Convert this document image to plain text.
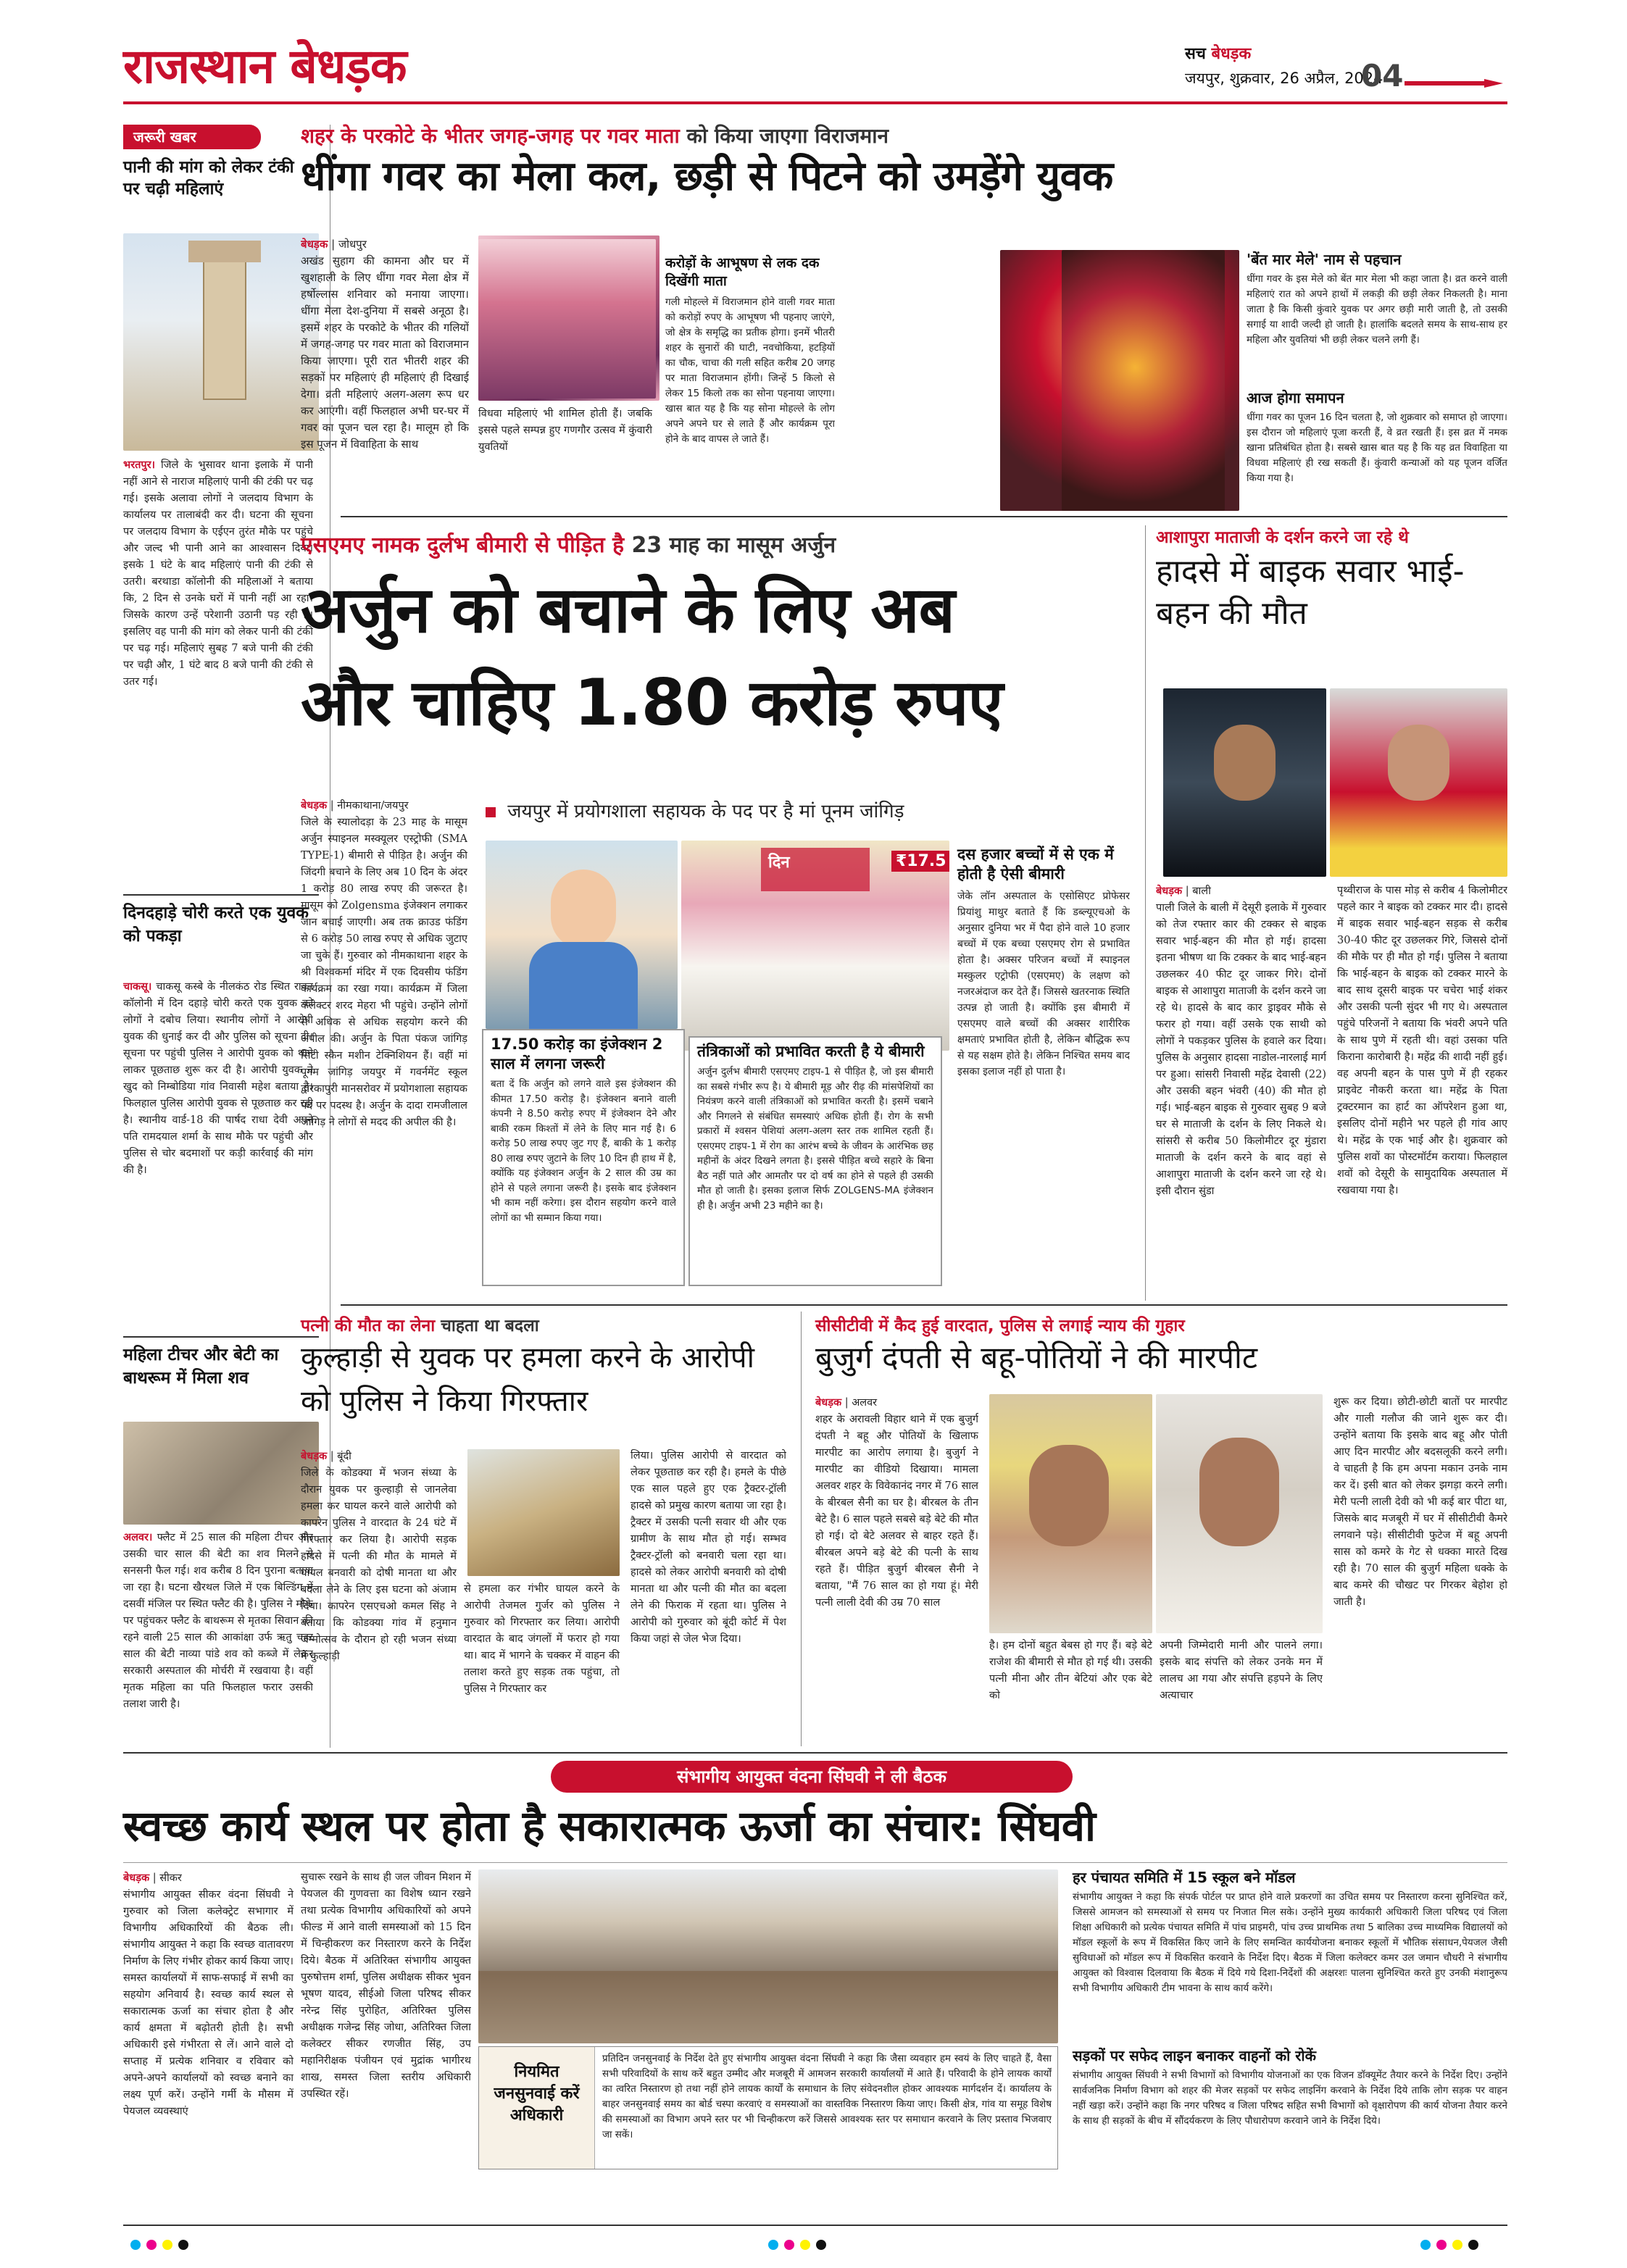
राजस्थान बेधड़क	सच बेधड़क
जयपुर, शुक्रवार, 26 अप्रैल, 2024
04
जरूरी खबर
पानी की मांग को लेकर टंकी पर चढ़ी महिलाएं
भरतपुर। जिले के भुसावर थाना इलाके में पानी नहीं आने से नाराज महिलाएं पानी की टंकी पर चढ़ गई। इसके अलावा लोगों ने जलदाय विभाग के कार्यालय पर तालाबंदी कर दी। घटना की सूचना पर जलदाय विभाग के एईएन तुरंत मौके पर पहुंचे और जल्द भी पानी आने का आश्वासन दिया। इसके 1 घंटे के बाद महिलाएं पानी की टंकी से उतरी। बरथाडा कॉलोनी की महिलाओं ने बताया कि, 2 दिन से उनके घरों में पानी नहीं आ रहा। जिसके कारण उन्हें परेशानी उठानी पड़ रही है। इसलिए वह पानी की मांग को लेकर पानी की टंकी पर चढ़ गई। महिलाएं सुबह 7 बजे पानी की टंकी पर चढ़ी और, 1 घंटे बाद 8 बजे पानी की टंकी से उतर गई।
दिनदहाड़े चोरी करते एक युवक को पकड़ा
चाकसू। चाकसू कस्बे के नीलकंठ रोड स्थित रावत कॉलोनी में दिन दहाड़े चोरी करते एक युवक को लोगों ने दबोच लिया। स्थानीय लोगों ने आरोपी युवक की धुनाई कर दी और पुलिस को सूचना दी। सूचना पर पहुंची पुलिस ने आरोपी युवक को थाने लाकर पूछताछ शुरू कर दी है। आरोपी युवक ने खुद को निम्बोडिया गांव निवासी महेश बताया है। फिलहाल पुलिस आरोपी युवक से पूछताछ कर रही है। स्थानीय वार्ड-18 की पार्षद राधा देवी अपने पति रामदयाल शर्मा के साथ मौके पर पहुंची और पुलिस से चोर बदमाशों पर कड़ी कार्रवाई की मांग की है।
महिला टीचर और बेटी का बाथरूम में मिला शव
अलवर। फ्लैट में 25 साल की महिला टीचर और उसकी चार साल की बेटी का शव मिलने से सनसनी फैल गई। शव करीब 8 दिन पुराना बताया जा रहा है। घटना खैरथल जिले में एक बिल्डिंग में दसवीं मंजिल पर स्थित फ्लैट की है। पुलिस ने मौके पर पहुंचकर फ्लैट के बाथरूम से मृतका सिवान की रहने वाली 25 साल की आकांक्षा उर्फ ऋतु चहर साल की बेटी नाव्या पांडे शव को कब्जे में लेकर सरकारी अस्पताल की मोर्चरी में रखवाया है। वहीं मृतक महिला का पति फिलहाल फरार उसकी तलाश जारी है।
शहर के परकोटे के भीतर जगह-जगह पर गवर माता को किया जाएगा विराजमान
धींगा गवर का मेला कल, छड़ी से पिटने को उमड़ेंगे युवक
बेधड़क | जोधपुर
अखंड सुहाग की कामना और घर में खुशहाली के लिए धींगा गवर मेला क्षेत्र में हर्षोल्लास शनिवार को मनाया जाएगा। धींगा मेला देश-दुनिया में सबसे अनूठा है। इसमें शहर के परकोटे के भीतर की गलियों में जगह-जगह पर गवर माता को विराजमान किया जाएगा। पूरी रात भीतरी शहर की सड़कों पर महिलाएं ही महिलाएं ही दिखाई देगा। व्रती महिलाएं अलग-अलग रूप धर कर आएंगी। वहीं फिलहाल अभी घर-घर में गवर का पूजन चल रहा है। मालूम हो कि इस पूजन में विवाहिता के साथ
करोड़ों के आभूषण से लक दक दिखेंगी माता
गली मोहल्ले में विराजमान होने वाली गवर माता को करोड़ों रुपए के आभूषण भी पहनाए जाएंगे, जो क्षेत्र के समृद्धि का प्रतीक होगा। इनमें भीतरी शहर के सुनारों की घाटी, नवचोकिया, हटड़ियों का चौक, चाचा की गली सहित करीब 20 जगह पर माता विराजमान होंगी। जिन्हें 5 किलो से लेकर 15 किलो तक का सोना पहनाया जाएगा। खास बात यह है कि यह सोना मोहल्ले के लोग अपने अपने घर से लाते हैं और कार्यक्रम पूरा होने के बाद वापस ले जाते हैं।
विधवा महिलाएं भी शामिल होती हैं। जबकि इससे पहले सम्पन्न हुए गणगौर उत्सव में कुंवारी युवतियों
'बेंत मार मेले' नाम से पहचान
धींगा गवर के इस मेले को बेंत मार मेला भी कहा जाता है। व्रत करने वाली महिलाएं रात को अपने हाथों में लकड़ी की छड़ी लेकर निकलती है। माना जाता है कि किसी कुंवारे युवक पर अगर छड़ी मारी जाती है, तो उसकी सगाई या शादी जल्दी हो जाती है। हालांकि बदलते समय के साथ-साथ हर महिला और युवतियां भी छड़ी लेकर चलने लगी हैं।
आज होगा समापन
धींगा गवर का पूजन 16 दिन चलता है, जो शुक्रवार को समाप्त हो जाएगा। इस दौरान जो महिलाएं पूजा करती हैं, वे व्रत रखती हैं। इस व्रत में नमक खाना प्रतिबंधित होता है। सबसे खास बात यह है कि यह व्रत विवाहिता या विधवा महिलाएं ही रख सकती हैं। कुंवारी कन्याओं को यह पूजन वर्जित किया गया है।
एसएमए नामक दुर्लभ बीमारी से पीड़ित है 23 माह का मासूम अर्जुन
अर्जुन को बचाने के लिए अब
और चाहिए 1.80 करोड़ रुपए
बेधड़क | नीमकाथाना/जयपुर
जिले के स्यालोदड़ा के 23 माह के मासूम अर्जुन स्पाइनल मस्क्यूलर एस्ट्रोफी (SMA TYPE-1) बीमारी से पीड़ित है। अर्जुन की जिंदगी बचाने के लिए अब 10 दिन के अंदर 1 करोड़ 80 लाख रुपए की जरूरत है। मासूम को Zolgensma इंजेक्शन लगाकर जान बचाई जाएगी। अब तक क्राउड फंडिंग से 6 करोड़ 50 लाख रुपए से अधिक जुटाए जा चुके हैं। गुरुवार को नीमकाथाना शहर के श्री विश्वकर्मा मंदिर में एक दिवसीय फंडिंग कार्यक्रम का रखा गया। कार्यक्रम में जिला कलेक्टर शरद मेहरा भी पहुंचे। उन्होंने लोगों से अधिक से अधिक सहयोग करने की अपील की। अर्जुन के पिता पंकज जांगिड़ सिटी स्कैन मशीन टेक्निशियन हैं। वहीं मां पूनम जांगिड़ जयपुर में गवर्नमेंट स्कूल द्वारकापुरी मानसरोवर में प्रयोगशाला सहायक पद पर पदस्थ है। अर्जुन के दादा रामजीलाल जांगिड़ ने लोगों से मदद की अपील की है।
जयपुर में प्रयोगशाला सहायक के पद पर है मां पूनम जांगिड़
दिन	₹17.5
17.50 करोड़ का इंजेक्शन 2 साल में लगना जरूरी
बता दें कि अर्जुन को लगने वाले इस इंजेक्शन की कीमत 17.50 करोड़ है। इंजेक्शन बनाने वाली कंपनी ने 8.50 करोड़ रुपए में इंजेक्शन देने और बाकी रकम किश्तों में लेने के लिए मान गई है। 6 करोड़ 50 लाख रुपए जुट गए हैं, बाकी के 1 करोड़ 80 लाख रुपए जुटाने के लिए 10 दिन ही हाथ में है, क्योंकि यह इंजेक्शन अर्जुन के 2 साल की उम्र का होने से पहले लगाना जरूरी है। इसके बाद इंजेक्शन भी काम नहीं करेगा। इस दौरान सहयोग करने वाले लोगों का भी सम्मान किया गया।
तंत्रिकाओं को प्रभावित करती है ये बीमारी
अर्जुन दुर्लभ बीमारी एसएमए टाइप-1 से पीड़ित है, जो इस बीमारी का सबसे गंभीर रूप है। ये बीमारी मूड़ और रीढ़ की मांसपेशियों का नियंत्रण करने वाली तंत्रिकाओं को प्रभावित करती है। इसमें चबाने और निगलने से संबंधित समस्याएं अधिक होती हैं। रोग के सभी प्रकारों में श्वसन पेशियां अलग-अलग स्तर तक शामिल रहती हैं। एसएमए टाइप-1 में रोग का आरंभ बच्चे के जीवन के आरंभिक छह महीनों के अंदर दिखने लगता है। इससे पीड़ित बच्चे सहारे के बिना बैठ नहीं पाते और आमतौर पर दो वर्ष का होने से पहले ही उसकी मौत हो जाती है। इसका इलाज सिर्फ ZOLGENS-MA इंजेक्शन ही है। अर्जुन अभी 23 महीने का है।
दस हजार बच्चों में से एक में होती है ऐसी बीमारी
जेके लॉन अस्पताल के एसोसिएट प्रोफेसर प्रियांशु माथुर बताते हैं कि डब्ल्यूएचओ के अनुसार दुनिया भर में पैदा होने वाले 10 हजार बच्चों में एक बच्चा एसएमए रोग से प्रभावित होता है। अक्सर परिजन बच्चों में स्पाइनल मस्कुलर एट्रोफी (एसएमए) के लक्षण को नजरअंदाज कर देते हैं। जिससे खतरनाक स्थिति उत्पन्न हो जाती है। क्योंकि इस बीमारी में एसएमए वाले बच्चों की अक्सर शारीरिक क्षमताएं प्रभावित होती है, लेकिन बौद्धिक रूप से यह सक्षम होते है। लेकिन निश्चित समय बाद इसका इलाज नहीं हो पाता है।
आशापुरा माताजी के दर्शन करने जा रहे थे
हादसे में बाइक सवार भाई-बहन की मौत
बेधड़क | बाली
पाली जिले के बाली में देसूरी इलाके में गुरुवार को तेज रफ्तार कार की टक्कर से बाइक सवार भाई-बहन की मौत हो गई। हादसा इतना भीषण था कि टक्कर के बाद भाई-बहन उछलकर 40 फीट दूर जाकर गिरे। दोनों बाइक से आशापुरा माताजी के दर्शन करने जा रहे थे। हादसे के बाद कार ड्राइवर मौके से फरार हो गया। वहीं उसके एक साथी को लोगों ने पकड़कर पुलिस के हवाले कर दिया। पुलिस के अनुसार हादसा नाडोल-नारलाई मार्ग पर हुआ। सांसरी निवासी महेंद्र देवासी (22) और उसकी बहन भंवरी (40) की मौत हो गई। भाई-बहन बाइक से गुरुवार सुबह 9 बजे घर से माताजी के दर्शन के लिए निकले थे। सांसरी से करीब 50 किलोमीटर दूर मुंडारा माताजी के दर्शन करने के बाद वहां से आशापुरा माताजी के दर्शन करने जा रहे थे। इसी दौरान सुंडा
पृथ्वीराज के पास मोड़ से करीब 4 किलोमीटर पहले कार ने बाइक को टक्कर मार दी। हादसे में बाइक सवार भाई-बहन सड़क से करीब 30-40 फीट दूर उछलकर गिरे, जिससे दोनों की मौके पर ही मौत हो गई। पुलिस ने बताया कि भाई-बहन के बाइक को टक्कर मारने के बाद साथ दूसरी बाइक पर चचेरा भाई शंकर और उसकी पत्नी सुंदर भी गए थे। अस्पताल पहुंचे परिजनों ने बताया कि भंवरी अपने पति के साथ पुणे में रहती थी। वहां उसका पति किराना कारोबारी है। महेंद्र की शादी नहीं हुई। वह अपनी बहन के पास पुणे में ही रहकर प्राइवेट नौकरी करता था। महेंद्र के पिता ट्रक्टरमान का हार्ट का ऑपरेशन हुआ था, इसलिए दोनों महीने भर पहले ही गांव आए थे। महेंद्र के एक भाई और है। शुक्रवार को पुलिस शवों का पोस्टमॉर्टम कराया। फिलहाल शवों को देसूरी के सामुदायिक अस्पताल में रखवाया गया है।
पत्नी की मौत का लेना चाहता था बदला
कुल्हाड़ी से युवक पर हमला करने के आरोपी को पुलिस ने किया गिरफ्तार
बेधड़क | बूंदी
जिले के कोडक्या में भजन संध्या के दौरान युवक पर कुल्हाड़ी से जानलेवा हमला कर घायल करने वाले आरोपी को कापरेन पुलिस ने वारदात के 24 घंटे में गिरफ्तार कर लिया है। आरोपी सड़क हादसे में पत्नी की मौत के मामले में घायल बनवारी को दोषी मानता था और बदला लेने के लिए इस घटना को अंजाम दिया। कापरेन एसएचओ कमल सिंह ने बताया कि कोडक्या गांव में हनुमान जन्मोत्सव के दौरान हो रही भजन संध्या में कुल्हाड़ी
लिया। पुलिस आरोपी से वारदात को लेकर पूछताछ कर रही है। हमले के पीछे एक साल पहले हुए एक ट्रैक्टर-ट्रॉली हादसे को प्रमुख कारण बताया जा रहा है। ट्रैक्टर में उसकी पत्नी सवार थी और एक ग्रामीण के साथ मौत हो गई। सम्भव ट्रैक्टर-ट्रॉली को बनवारी चला रहा था। हादसे को लेकर आरोपी बनवारी को दोषी मानता था और पत्नी की मौत का बदला लेने की फिराक में रहता था। पुलिस ने आरोपी को गुरुवार को बूंदी कोर्ट में पेश किया जहां से जेल भेज दिया।
से हमला कर गंभीर घायल करने के आरोपी तेजमल गुर्जर को पुलिस ने गुरुवार को गिरफ्तार कर लिया। आरोपी वारदात के बाद जंगलों में फरार हो गया था। बाद में भागने के चक्कर में वाहन की तलाश करते हुए सड़क तक पहुंचा, तो पुलिस ने गिरफ्तार कर
सीसीटीवी में कैद हुई वारदात, पुलिस से लगाई न्याय की गुहार
बुजुर्ग दंपती से बहू-पोतियों ने की मारपीट
बेधड़क | अलवर
शहर के अरावली विहार थाने में एक बुजुर्ग दंपती ने बहू और पोतियों के खिलाफ मारपीट का आरोप लगाया है। बुजुर्ग ने मारपीट का वीडियो दिखाया। मामला अलवर शहर के विवेकानंद नगर में 76 साल के बीरबल सैनी का घर है। बीरबल के तीन बेटे है। 6 साल पहले सबसे बड़े बेटे की मौत हो गई। दो बेटे अलवर से बाहर रहते हैं। बीरबल अपने बड़े बेटे की पत्नी के साथ रहते हैं। पीड़ित बुजुर्ग बीरबल सैनी ने बताया, "मैं 76 साल का हो गया हूं। मेरी पत्नी लाली देवी की उम्र 70 साल
है। हम दोनों बहुत बेबस हो गए हैं। बड़े बेटे राजेश की बीमारी से मौत हो गई थी। उसकी पत्नी मीना और तीन बेटियां और एक बेटे को
अपनी जिम्मेदारी मानी और पालने लगा। इसके बाद संपत्ति को लेकर उनके मन में लालच आ गया और संपत्ति हड़पने के लिए अत्याचार
शुरू कर दिया। छोटी-छोटी बातों पर मारपीट और गाली गलौज की जाने शुरू कर दी। उन्होंने बताया कि इसके बाद बहू और पोती आए दिन मारपीट और बदसलूकी करने लगी। वे चाहती है कि हम अपना मकान उनके नाम कर दें। इसी बात को लेकर झगड़ा करने लगी। मेरी पत्नी लाली देवी को भी कई बार पीटा था, जिसके बाद मजबूरी में घर में सीसीटीवी कैमरे लगवाने पड़े। सीसीटीवी फुटेज में बहू अपनी सास को कमरे के गेट से धक्का मारते दिख रही है। 70 साल की बुजुर्ग महिला धक्के के बाद कमरे की चौखट पर गिरकर बेहोश हो जाती है।
संभागीय आयुक्त वंदना सिंघवी ने ली बैठक
स्वच्छ कार्य स्थल पर होता है सकारात्मक ऊर्जा का संचार: सिंघवी
बेधड़क | सीकर
संभागीय आयुक्त सीकर वंदना सिंघवी ने गुरुवार को जिला कलेक्ट्रेट सभागार में विभागीय अधिकारियों की बैठक ली। संभागीय आयुक्त ने कहा कि स्वच्छ वातावरण निर्माण के लिए गंभीर होकर कार्य किया जाए। समस्त कार्यालयों में साफ-सफाई में सभी का सहयोग अनिवार्य है। स्वच्छ कार्य स्थल से सकारात्मक ऊर्जा का संचार होता है और कार्य क्षमता में बढ़ोतरी होती है। सभी अधिकारी इसे गंभीरता से लें। आने वाले दो सप्ताह में प्रत्येक शनिवार व रविवार को अपने-अपने कार्यालयों को स्वच्छ बनाने का लक्ष्य पूर्ण करें। उन्होंने गर्मी के मौसम में पेयजल व्यवस्थाएं
सुचारू रखने के साथ ही जल जीवन मिशन में पेयजल की गुणवत्ता का विशेष ध्यान रखने तथा प्रत्येक विभागीय अधिकारियों को अपने फील्ड में आने वाली समस्याओं को 15 दिन में चिन्हीकरण कर निस्तारण करने के निर्देश दिये। बैठक में अतिरिक्त संभागीय आयुक्त पुरुषोत्तम शर्मा, पुलिस अधीक्षक सीकर भुवन भूषण यादव, सीईओ जिला परिषद सीकर नरेन्द्र सिंह पुरोहित, अतिरिक्त पुलिस अधीक्षक गजेन्द्र सिंह जोधा, अतिरिक्त जिला कलेक्टर सीकर रणजीत सिंह, उप महानिरीक्षक पंजीयन एवं मुद्रांक भागीरथ शाख, समस्त जिला स्तरीय अधिकारी उपस्थित रहें।
नियमित जनसुनवाई करें अधिकारी
प्रतिदिन जनसुनवाई के निर्देश देते हुए संभागीय आयुक्त वंदना सिंघवी ने कहा कि जैसा व्यवहार हम स्वयं के लिए चाहते हैं, वैसा सभी परिवादियों के साथ करें बहुत उम्मीद और मजबूरी में आमजन सरकारी कार्यालयों में आते हैं। परिवादी के होने लायक कार्यों का त्वरित निस्तारण हो तथा नहीं होने लायक कार्यों के समाधान के लिए संवेदनशील होकर आवश्यक मार्गदर्शन दें। कार्यालय के बाहर जनसुनवाई समय का बोर्ड चस्पा करवाएं व समस्याओं का वास्तविक निस्तारण किया जाए। किसी क्षेत्र, गांव या समूह विशेष की समस्याओं का विभाग अपने स्तर पर भी चिन्हीकरण करें जिससे आवश्यक स्तर पर समाधान करवाने के लिए प्रस्ताव भिजवाए जा सकें।
हर पंचायत समिति में 15 स्कूल बने मॉडल
संभागीय आयुक्त ने कहा कि संपर्क पोर्टल पर प्राप्त होने वाले प्रकरणों का उचित समय पर निस्तारण करना सुनिश्चित करें, जिससे आमजन को समस्याओं से समय पर निजात मिल सके। उन्होंने मुख्य कार्यकारी अधिकारी जिला परिषद एवं जिला शिक्षा अधिकारी को प्रत्येक पंचायत समिति में पांच प्राइमरी, पांच उच्च प्राथमिक तथा 5 बालिका उच्च माध्यमिक विद्यालयों को मॉडल स्कूलों के रूप में विकसित किए जाने के लिए समन्वित कार्ययोजना बनाकर स्कूलों में भौतिक संसाधन,पेयजल जैसी सुविधाओं को मॉडल रूप में विकसित करवाने के निर्देश दिए। बैठक में जिला कलेक्टर कमर उल जमान चौधरी ने संभागीय आयुक्त को विश्वास दिलवाया कि बैठक में दिये गये दिशा-निर्देशों की अक्षरशः पालना सुनिश्चित करते हुए उनकी मंशानुरूप सभी विभागीय अधिकारी टीम भावना के साथ कार्य करेंगे।
सड़कों पर सफेद लाइन बनाकर वाहनों को रोकें
संभागीय आयुक्त सिंघवी ने सभी विभागों को विभागीय योजनाओं का एक विजन डॉक्यूमेंट तैयार करने के निर्देश दिए। उन्होंने सार्वजनिक निर्माण विभाग को शहर की मेजर सड़कों पर सफेद लाइनिंग करवाने के निर्देश दिये ताकि लोग सड़क पर वाहन नहीं खड़ा करें। उन्होंने कहा कि नगर परिषद व जिला परिषद सहित सभी विभागों को वृक्षारोपण की कार्य योजना तैयार करने के साथ ही सड़कों के बीच में सौंदर्यकरण के लिए पौधारोपण करवाने जाने के निर्देश दिये।
